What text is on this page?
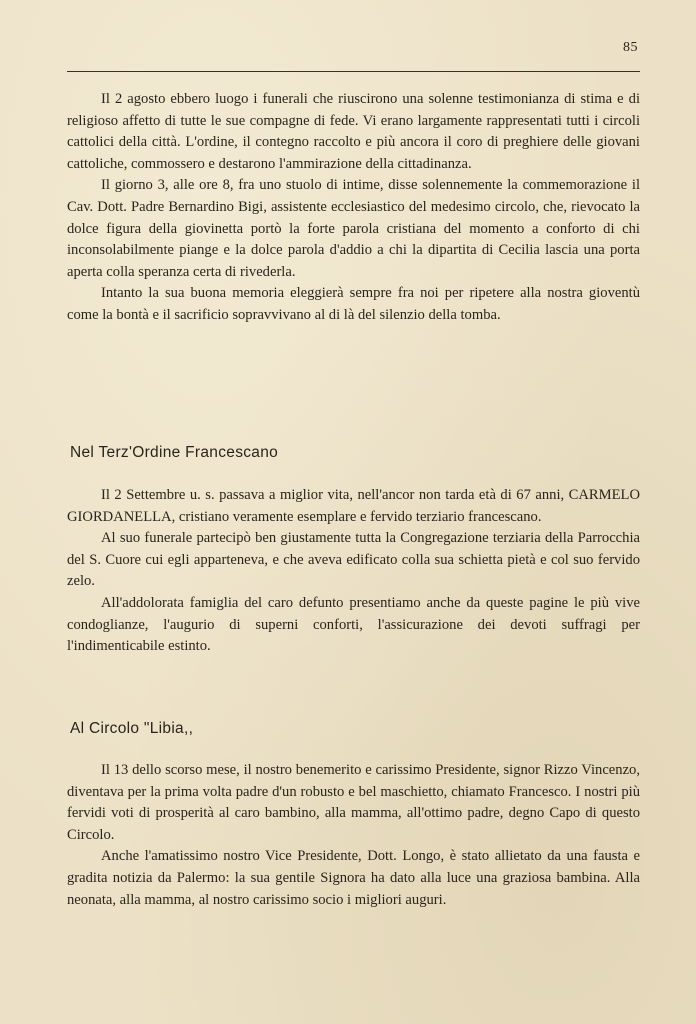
85

Il 2 agosto ebbero luogo i funerali che riuscirono una solenne testimonianza di stima e di religioso affetto di tutte le sue compagne di fede. Vi erano largamente rappresentati tutti i circoli cattolici della città. L'ordine, il contegno raccolto e più ancora il coro di preghiere delle giovani cattoliche, commossero e destarono l'ammirazione della cittadinanza.

Il giorno 3, alle ore 8, fra uno stuolo di intime, disse solennemente la commemorazione il Cav. Dott. Padre Bernardino Bigi, assistente ecclesiastico del medesimo circolo, che, rievocato la dolce figura della giovinetta portò la forte parola cristiana del momento a conforto di chi inconsolabilmente piange e la dolce parola d'addio a chi la dipartita di Cecilia lascia una porta aperta colla speranza certa di rivederla.

Intanto la sua buona memoria eleggierà sempre fra noi per ripetere alla nostra gioventù come la bontà e il sacrificio sopravvivano al di là del silenzio della tomba.

Nel Terz'Ordine Francescano

Il 2 Settembre u. s. passava a miglior vita, nell'ancor non tarda età di 67 anni, CARMELO GIORDANELLA, cristiano veramente esemplare e fervido terziario francescano.

Al suo funerale partecipò ben giustamente tutta la Congregazione terziaria della Parrocchia del S. Cuore cui egli apparteneva, e che aveva edificato colla sua schietta pietà e col suo fervido zelo.

All'addolorata famiglia del caro defunto presentiamo anche da queste pagine le più vive condoglianze, l'augurio di superni conforti, l'assicurazione dei devoti suffragi per l'indimenticabile estinto.

Al Circolo "Libia,,

Il 13 dello scorso mese, il nostro benemerito e carissimo Presidente, signor Rizzo Vincenzo, diventava per la prima volta padre d'un robusto e bel maschietto, chiamato Francesco. I nostri più fervidi voti di prosperità al caro bambino, alla mamma, all'ottimo padre, degno Capo di questo Circolo.

Anche l'amatissimo nostro Vice Presidente, Dott. Longo, è stato allietato da una fausta e gradita notizia da Palermo: la sua gentile Signora ha dato alla luce una graziosa bambina. Alla neonata, alla mamma, al nostro carissimo socio i migliori auguri.
